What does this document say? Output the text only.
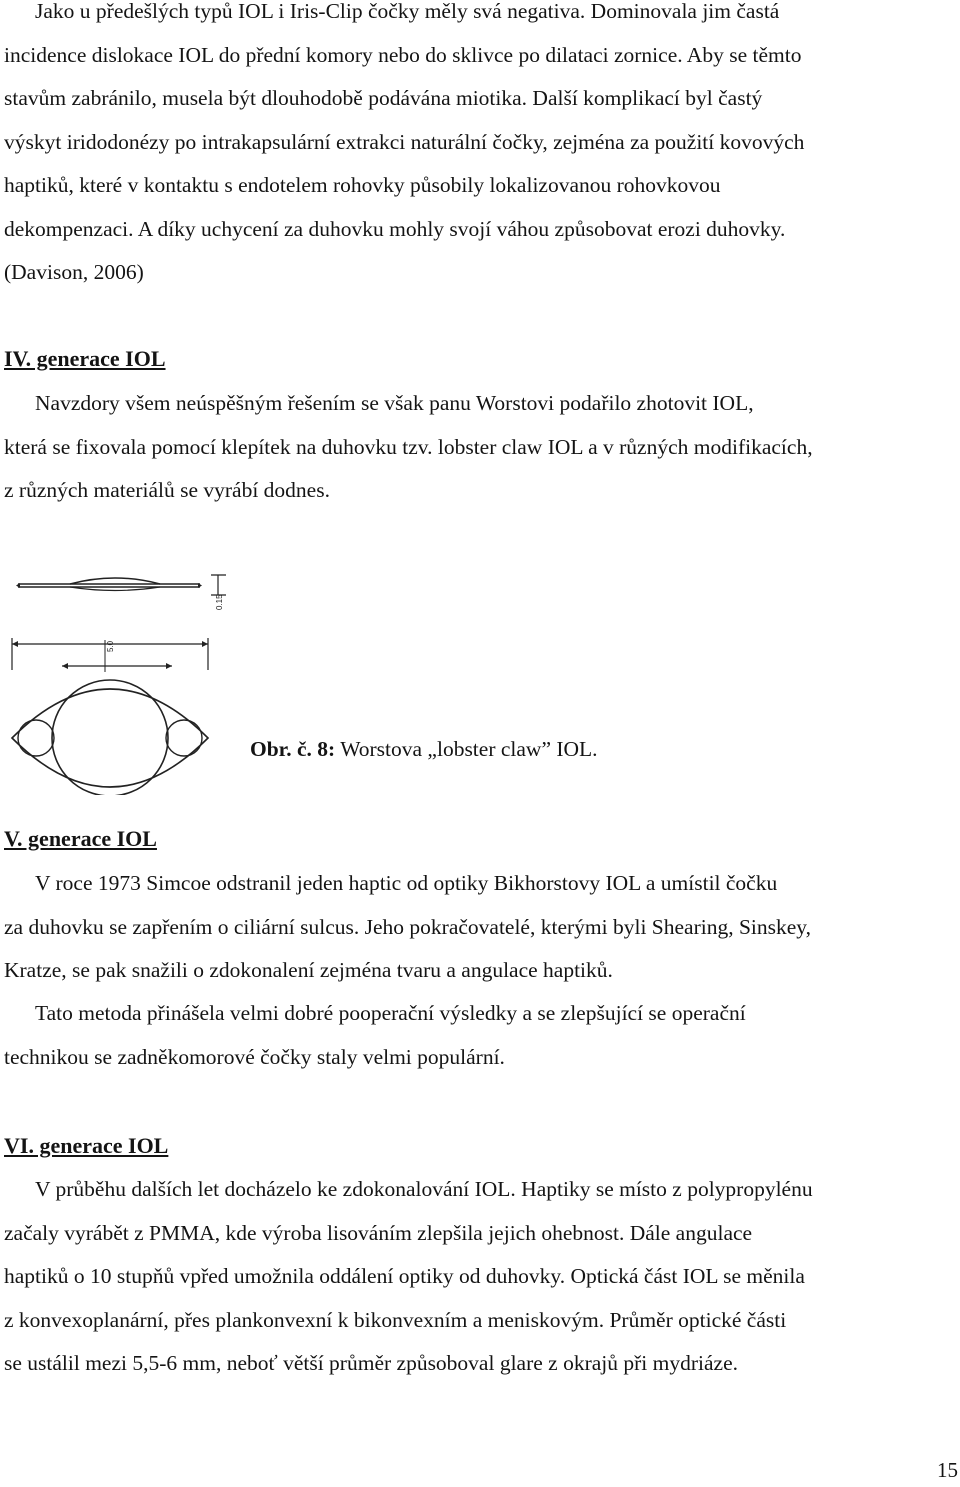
Jako u předešlých typů IOL i Iris-Clip čočky měly svá negativa. Dominovala jim častá
incidence dislokace IOL do přední komory nebo do sklivce po dilataci zornice. Aby se těmto
stavům zabránilo, musela být dlouhodobě podávána miotika. Další komplikací byl častý
výskyt iridodonézy po intrakapsulární extrakci naturální čočky, zejména za použití kovových
haptiků, které v kontaktu s endotelem rohovky působily lokalizovanou rohovkovou
dekompenzaci. A díky uchycení za duhovku mohly svojí váhou způsobovat erozi duhovky.
(Davison, 2006)
IV. generace IOL
Navzdory všem neúspěšným řešením se však panu Worstovi podařilo zhotovit IOL,
která se fixovala pomocí klepítek na duhovku tzv. lobster claw IOL a v různých modifikacích,
z různých materiálů se vyrábí dodnes.
0.15
5.0
Obr. č. 8: Worstova „lobster claw” IOL.
V. generace IOL
V roce 1973 Simcoe odstranil jeden haptic od optiky Bikhorstovy IOL a umístil čočku
za duhovku se zapřením o ciliární sulcus. Jeho pokračovatelé, kterými byli Shearing, Sinskey,
Kratze, se pak snažili o zdokonalení zejména tvaru a angulace haptiků.
Tato metoda přinášela velmi dobré pooperační výsledky a se zlepšující se operační
technikou se zadněkomorové čočky staly velmi populární.
VI. generace IOL
V průběhu dalších let docházelo ke zdokonalování IOL. Haptiky se místo z polypropylénu
začaly vyrábět z PMMA, kde výroba lisováním zlepšila jejich ohebnost. Dále angulace
haptiků o 10 stupňů vpřed umožnila oddálení optiky od duhovky. Optická část IOL se měnila
z konvexoplanární, přes plankonvexní k bikonvexním a meniskovým. Průměr optické části
se ustálil mezi 5,5-6 mm, neboť větší průměr způsoboval glare z okrajů při mydriáze.
15
